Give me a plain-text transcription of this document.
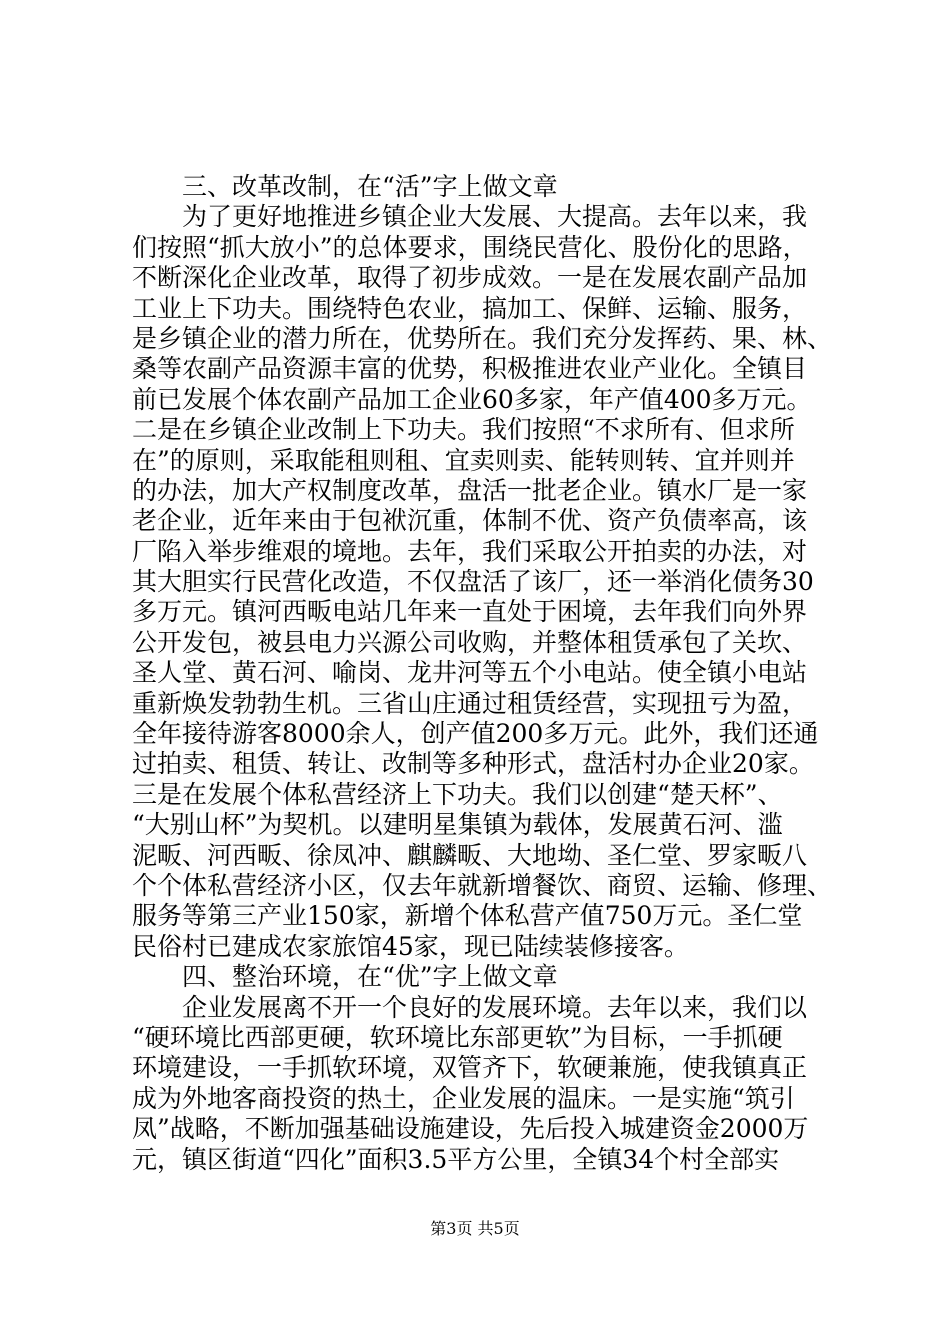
三、改革改制，在“活”字上做文章
为了更好地推进乡镇企业大发展、大提高。去年以来，我
们按照“抓大放小”的总体要求，围绕民营化、股份化的思路，
不断深化企业改革，取得了初步成效。一是在发展农副产品加
工业上下功夫。围绕特色农业，搞加工、保鲜、运输、服务，
是乡镇企业的潜力所在，优势所在。我们充分发挥药、果、林、
桑等农副产品资源丰富的优势，积极推进农业产业化。全镇目
前已发展个体农副产品加工企业60多家，年产值400多万元。
二是在乡镇企业改制上下功夫。我们按照“不求所有、但求所
在”的原则，采取能租则租、宜卖则卖、能转则转、宜并则并
的办法，加大产权制度改革，盘活一批老企业。镇水厂是一家
老企业，近年来由于包袱沉重，体制不优、资产负债率高，该
厂陷入举步维艰的境地。去年，我们采取公开拍卖的办法，对
其大胆实行民营化改造，不仅盘活了该厂，还一举消化债务30
多万元。镇河西畈电站几年来一直处于困境，去年我们向外界
公开发包，被县电力兴源公司收购，并整体租赁承包了关坎、
圣人堂、黄石河、喻岗、龙井河等五个小电站。使全镇小电站
重新焕发勃勃生机。三省山庄通过租赁经营，实现扭亏为盈，
全年接待游客8000余人，创产值200多万元。此外，我们还通
过拍卖、租赁、转让、改制等多种形式，盘活村办企业20家。
三是在发展个体私营经济上下功夫。我们以创建“楚天杯”、
“大别山杯”为契机。以建明星集镇为载体，发展黄石河、滥
泥畈、河西畈、徐凤冲、麒麟畈、大地坳、圣仁堂、罗家畈八
个个体私营经济小区，仅去年就新增餐饮、商贸、运输、修理、
服务等第三产业150家，新增个体私营产值750万元。圣仁堂
民俗村已建成农家旅馆45家，现已陆续装修接客。
四、整治环境，在“优”字上做文章
企业发展离不开一个良好的发展环境。去年以来，我们以
“硬环境比西部更硬，软环境比东部更软”为目标，一手抓硬
环境建设，一手抓软环境，双管齐下，软硬兼施，使我镇真正
成为外地客商投资的热土，企业发展的温床。一是实施“筑引
凤”战略，不断加强基础设施建设，先后投入城建资金2000万
元，镇区街道“四化”面积3.5平方公里，全镇34个村全部实
第3页 共5页
